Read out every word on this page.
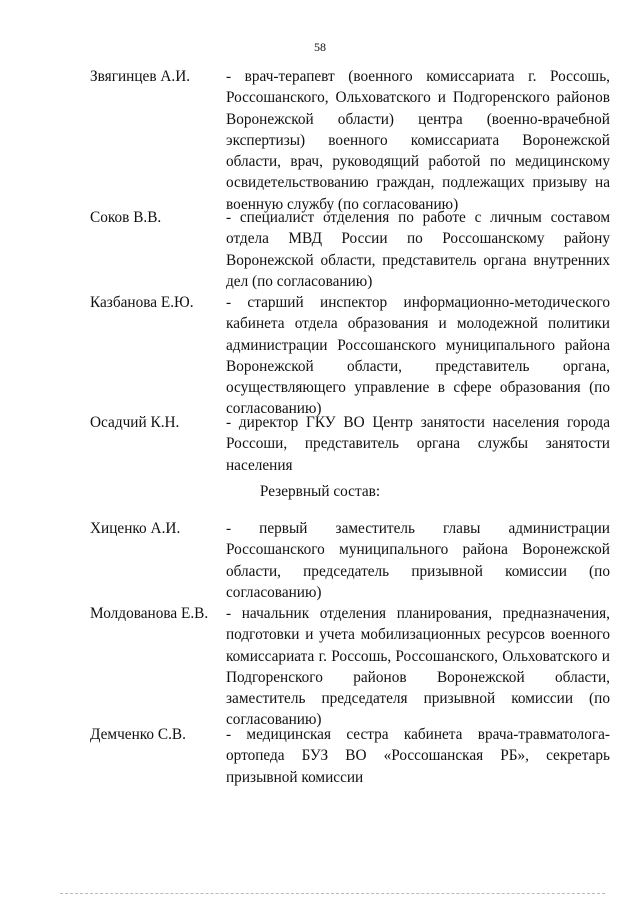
58
Звягинцев А.И. - врач-терапевт (военного комиссариата г. Россошь, Россошанского, Ольховатского и Подгоренского районов Воронежской области) центра (военно-врачебной экспертизы) военного комиссариата Воронежской области, врач, руководящий работой по медицинскому освидетельствованию граждан, подлежащих призыву на военную службу (по согласованию)
Соков В.В.	- специалист отделения по работе с личным составом отдела МВД России по Россошанскому району Воронежской области, представитель органа внутренних дел (по согласованию)
Казбанова Е.Ю. - старший инспектор информационно-методического кабинета отдела образования и молодежной политики администрации Россошанского муниципального района Воронежской области, представитель органа, осуществляющего управление в сфере образования (по согласованию)
Осадчий К.Н.	- директор ГКУ ВО Центр занятости населения города Россоши, представитель органа службы занятости населения
Резервный состав:
Хиценко А.И.	- первый заместитель главы администрации Россошанского муниципального района Воронежской области, председатель призывной комиссии (по согласованию)
Молдованова Е.В. - начальник отделения планирования, предназначения, подготовки и учета мобилизационных ресурсов военного комиссариата г. Россошь, Россошанского, Ольховатского и Подгоренского районов Воронежской области, заместитель председателя призывной комиссии (по согласованию)
Демченко С.В.	- медицинская сестра кабинета врача-травматолога-ортопеда БУЗ ВО «Россошанская РБ», секретарь призывной комиссии
